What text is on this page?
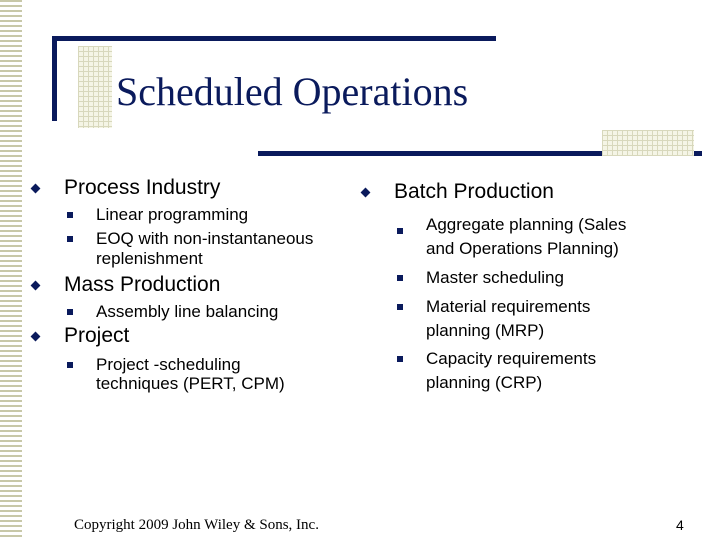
Scheduled Operations

Process Industry

Linear programming

EOQ with non-instantaneous

replenishment

Mass Production

Assembly line balancing

Project

Project -scheduling

techniques (PERT, CPM)

Batch Production

Aggregate planning (Sales

and Operations Planning)

Master scheduling

Material requirements

planning (MRP)

Capacity requirements

planning (CRP)

Copyright 2009 John Wiley & Sons, Inc.	4
